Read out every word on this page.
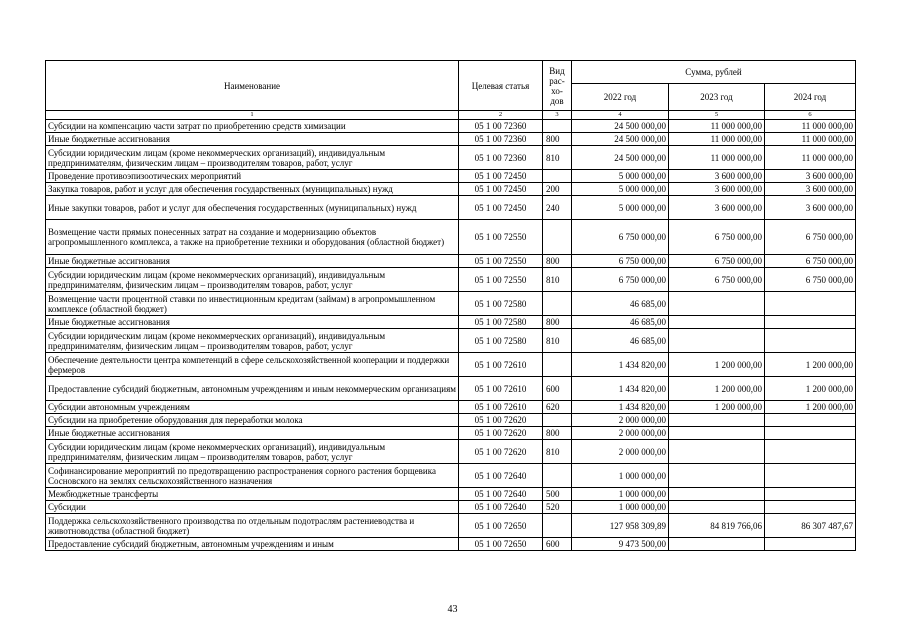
Наименование	Целевая статья	Вид рас-хо-дов	Сумма, рублей		
			2022 год	2023 год	2024 год
1	2	3	4	5	6
Субсидии на компенсацию части затрат по приобретению средств химизации	05 1 00 72360		24 500 000,00	11 000 000,00	11 000 000,00
Иные бюджетные ассигнования	05 1 00 72360	800	24 500 000,00	11 000 000,00	11 000 000,00
Субсидии юридическим лицам (кроме некоммерческих организаций), индивидуальным предпринимателям, физическим лицам – производителям товаров, работ, услуг	05 1 00 72360	810	24 500 000,00	11 000 000,00	11 000 000,00
Проведение противоэпизоотических мероприятий	05 1 00 72450		5 000 000,00	3 600 000,00	3 600 000,00
Закупка товаров, работ и услуг для обеспечения государственных (муниципальных) нужд	05 1 00 72450	200	5 000 000,00	3 600 000,00	3 600 000,00
Иные закупки товаров, работ и услуг для обеспечения государственных (муниципальных) нужд	05 1 00 72450	240	5 000 000,00	3 600 000,00	3 600 000,00
Возмещение части прямых понесенных затрат на создание и модернизацию объектов агропромышленного комплекса, а также на приобретение техники и оборудования (областной бюджет)	05 1 00 72550		6 750 000,00	6 750 000,00	6 750 000,00
Иные бюджетные ассигнования	05 1 00 72550	800	6 750 000,00	6 750 000,00	6 750 000,00
Субсидии юридическим лицам (кроме некоммерческих организаций), индивидуальным предпринимателям, физическим лицам – производителям товаров, работ, услуг	05 1 00 72550	810	6 750 000,00	6 750 000,00	6 750 000,00
Возмещение части процентной ставки по инвестиционным кредитам (займам) в агропромышленном комплексе (областной бюджет)	05 1 00 72580		46 685,00		
Иные бюджетные ассигнования	05 1 00 72580	800	46 685,00		
Субсидии юридическим лицам (кроме некоммерческих организаций), индивидуальным предпринимателям, физическим лицам – производителям товаров, работ, услуг	05 1 00 72580	810	46 685,00		
Обеспечение деятельности центра компетенций в сфере сельскохозяйственной кооперации и поддержки фермеров	05 1 00 72610		1 434 820,00	1 200 000,00	1 200 000,00
Предоставление субсидий бюджетным, автономным учреждениям и иным некоммерческим организациям	05 1 00 72610	600	1 434 820,00	1 200 000,00	1 200 000,00
Субсидии автономным учреждениям	05 1 00 72610	620	1 434 820,00	1 200 000,00	1 200 000,00
Субсидии на приобретение оборудования для переработки молока	05 1 00 72620		2 000 000,00		
Иные бюджетные ассигнования	05 1 00 72620	800	2 000 000,00		
Субсидии юридическим лицам (кроме некоммерческих организаций), индивидуальным предпринимателям, физическим лицам – производителям товаров, работ, услуг	05 1 00 72620	810	2 000 000,00		
Софинансирование мероприятий по предотвращению распространения сорного растения борщевика Сосновского на землях сельскохозяйственного назначения	05 1 00 72640		1 000 000,00		
Межбюджетные трансферты	05 1 00 72640	500	1 000 000,00		
Субсидии	05 1 00 72640	520	1 000 000,00		
Поддержка сельскохозяйственного производства по отдельным подотраслям растениеводства и животноводства (областной бюджет)	05 1 00 72650		127 958 309,89	84 819 766,06	86 307 487,67
Предоставление субсидий бюджетным, автономным учреждениям и иным	05 1 00 72650	600	9 473 500,00		
43
